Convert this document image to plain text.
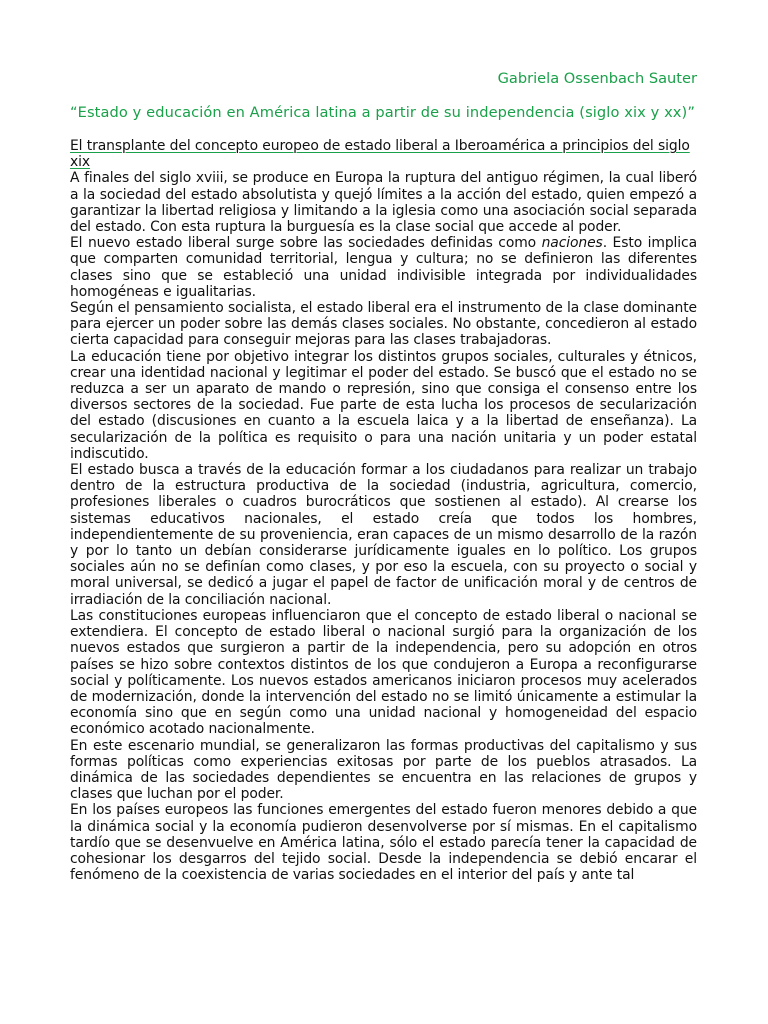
Gabriela Ossenbach Sauter

“Estado y educación en América latina a partir de su independencia (siglo xix y xx)”

El transplante del concepto europeo de estado liberal a Iberoamérica a principios del siglo xix

A finales del siglo xviii, se produce en Europa la ruptura del antiguo régimen, la cual liberó a la sociedad del estado absolutista y quejó límites a la acción del estado, quien empezó a garantizar la libertad religiosa y limitando a la iglesia como una asociación social separada del estado. Con esta ruptura la burguesía es la clase social que accede al poder.

El nuevo estado liberal surge sobre las sociedades definidas como naciones. Esto implica que comparten comunidad territorial, lengua y cultura; no se definieron las diferentes clases sino que se estableció una unidad indivisible integrada por individualidades homogéneas e igualitarias.

Según el pensamiento socialista, el estado liberal era el instrumento de la clase dominante para ejercer un poder sobre las demás clases sociales. No obstante, concedieron al estado cierta capacidad para conseguir mejoras para las clases trabajadoras.

La educación tiene por objetivo integrar los distintos grupos sociales, culturales y étnicos, crear una identidad nacional y legitimar el poder del estado. Se buscó que el estado no se reduzca a ser un aparato de mando o represión, sino que consiga el consenso entre los diversos sectores de la sociedad. Fue parte de esta lucha los procesos de secularización del estado (discusiones en cuanto a la escuela laica y a la libertad de enseñanza). La secularización de la política es requisito o para una nación unitaria y un poder estatal indiscutido.

El estado busca a través de la educación formar a los ciudadanos para realizar un trabajo dentro de la estructura productiva de la sociedad (industria, agricultura, comercio, profesiones liberales o cuadros burocráticos que sostienen al estado). Al crearse los sistemas educativos nacionales, el estado creía que todos los hombres, independientemente de su proveniencia, eran capaces de un mismo desarrollo de la razón y por lo tanto un debían considerarse jurídicamente iguales en lo político. Los grupos sociales aún no se definían como clases, y por eso la escuela, con su proyecto o social y moral universal, se dedicó a jugar el papel de factor de unificación moral y de centros de irradiación de la conciliación nacional.

Las constituciones europeas influenciaron que el concepto de estado liberal o nacional se extendiera. El concepto de estado liberal o nacional surgió para la organización de los nuevos estados que surgieron a partir de la independencia, pero su adopción en otros países se hizo sobre contextos distintos de los que condujeron a Europa a reconfigurarse social y políticamente. Los nuevos estados americanos iniciaron procesos muy acelerados de modernización, donde la intervención del estado no se limitó únicamente a estimular la economía sino que en según como una unidad nacional y homogeneidad del espacio económico acotado nacionalmente.

En este escenario mundial, se generalizaron las formas productivas del capitalismo y sus formas políticas como experiencias exitosas por parte de los pueblos atrasados. La dinámica de las sociedades dependientes se encuentra en las relaciones de grupos y clases que luchan por el poder.

En los países europeos las funciones emergentes del estado fueron menores debido a que la dinámica social y la economía pudieron desenvolverse por sí mismas. En el capitalismo tardío que se desenvuelve en América latina, sólo el estado parecía tener la capacidad de cohesionar los desgarros del tejido social. Desde la independencia se debió encarar el fenómeno de la coexistencia de varias sociedades en el interior del país y ante tal
